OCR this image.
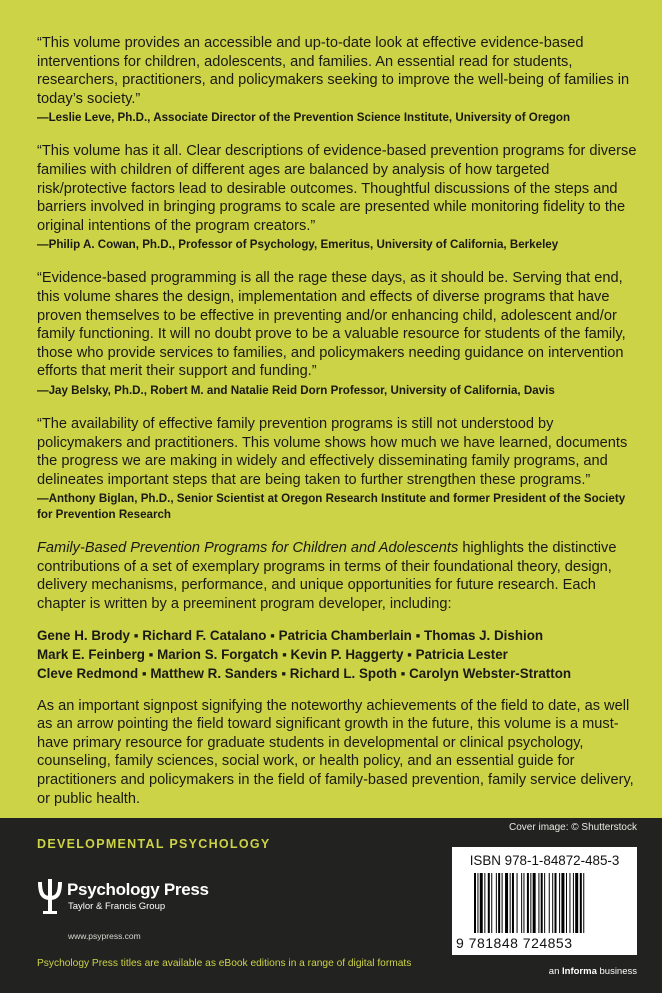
“This volume provides an accessible and up-to-date look at effective evidence-based interventions for children, adolescents, and families. An essential read for students, researchers, practitioners, and policymakers seeking to improve the well-being of families in today’s society.”

—Leslie Leve, Ph.D., Associate Director of the Prevention Science Institute, University of Oregon

“This volume has it all. Clear descriptions of evidence-based prevention programs for diverse families with children of different ages are balanced by analysis of how targeted risk/protective factors lead to desirable outcomes. Thoughtful discussions of the steps and barriers involved in bringing programs to scale are presented while monitoring fidelity to the original intentions of the program creators.”

—Philip A. Cowan, Ph.D., Professor of Psychology, Emeritus, University of California, Berkeley

“Evidence-based programming is all the rage these days, as it should be. Serving that end, this volume shares the design, implementation and effects of diverse programs that have proven themselves to be effective in preventing and/or enhancing child, adolescent and/or family functioning. It will no doubt prove to be a valuable resource for students of the family, those who provide services to families, and policymakers needing guidance on intervention efforts that merit their support and funding.”

—Jay Belsky, Ph.D., Robert M. and Natalie Reid Dorn Professor, University of California, Davis

“The availability of effective family prevention programs is still not understood by policymakers and practitioners. This volume shows how much we have learned, documents the progress we are making in widely and effectively disseminating family programs, and delineates important steps that are being taken to further strengthen these programs.”

—Anthony Biglan, Ph.D., Senior Scientist at Oregon Research Institute and former President of the Society for Prevention Research

Family-Based Prevention Programs for Children and Adolescents highlights the distinctive contributions of a set of exemplary programs in terms of their foundational theory, design, delivery mechanisms, performance, and unique opportunities for future research. Each chapter is written by a preeminent program developer, including:

Gene H. Brody ▪ Richard F. Catalano ▪ Patricia Chamberlain ▪ Thomas J. Dishion
Mark E. Feinberg ▪ Marion S. Forgatch ▪ Kevin P. Haggerty ▪ Patricia Lester
Cleve Redmond ▪ Matthew R. Sanders ▪ Richard L. Spoth ▪ Carolyn Webster-Stratton

As an important signpost signifying the noteworthy achievements of the field to date, as well as an arrow pointing the field toward significant growth in the future, this volume is a must-have primary resource for graduate students in developmental or clinical psychology, counseling, family sciences, social work, or health policy, and an essential guide for practitioners and policymakers in the field of family-based prevention, family service delivery, or public health.

DEVELOPMENTAL PSYCHOLOGY
Cover image: © Shutterstock
Psychology Press
Taylor & Francis Group
www.psypress.com
Psychology Press titles are available as eBook editions in a range of digital formats
ISBN 978-1-84872-485-3
9 781848 724853
an Informa business
